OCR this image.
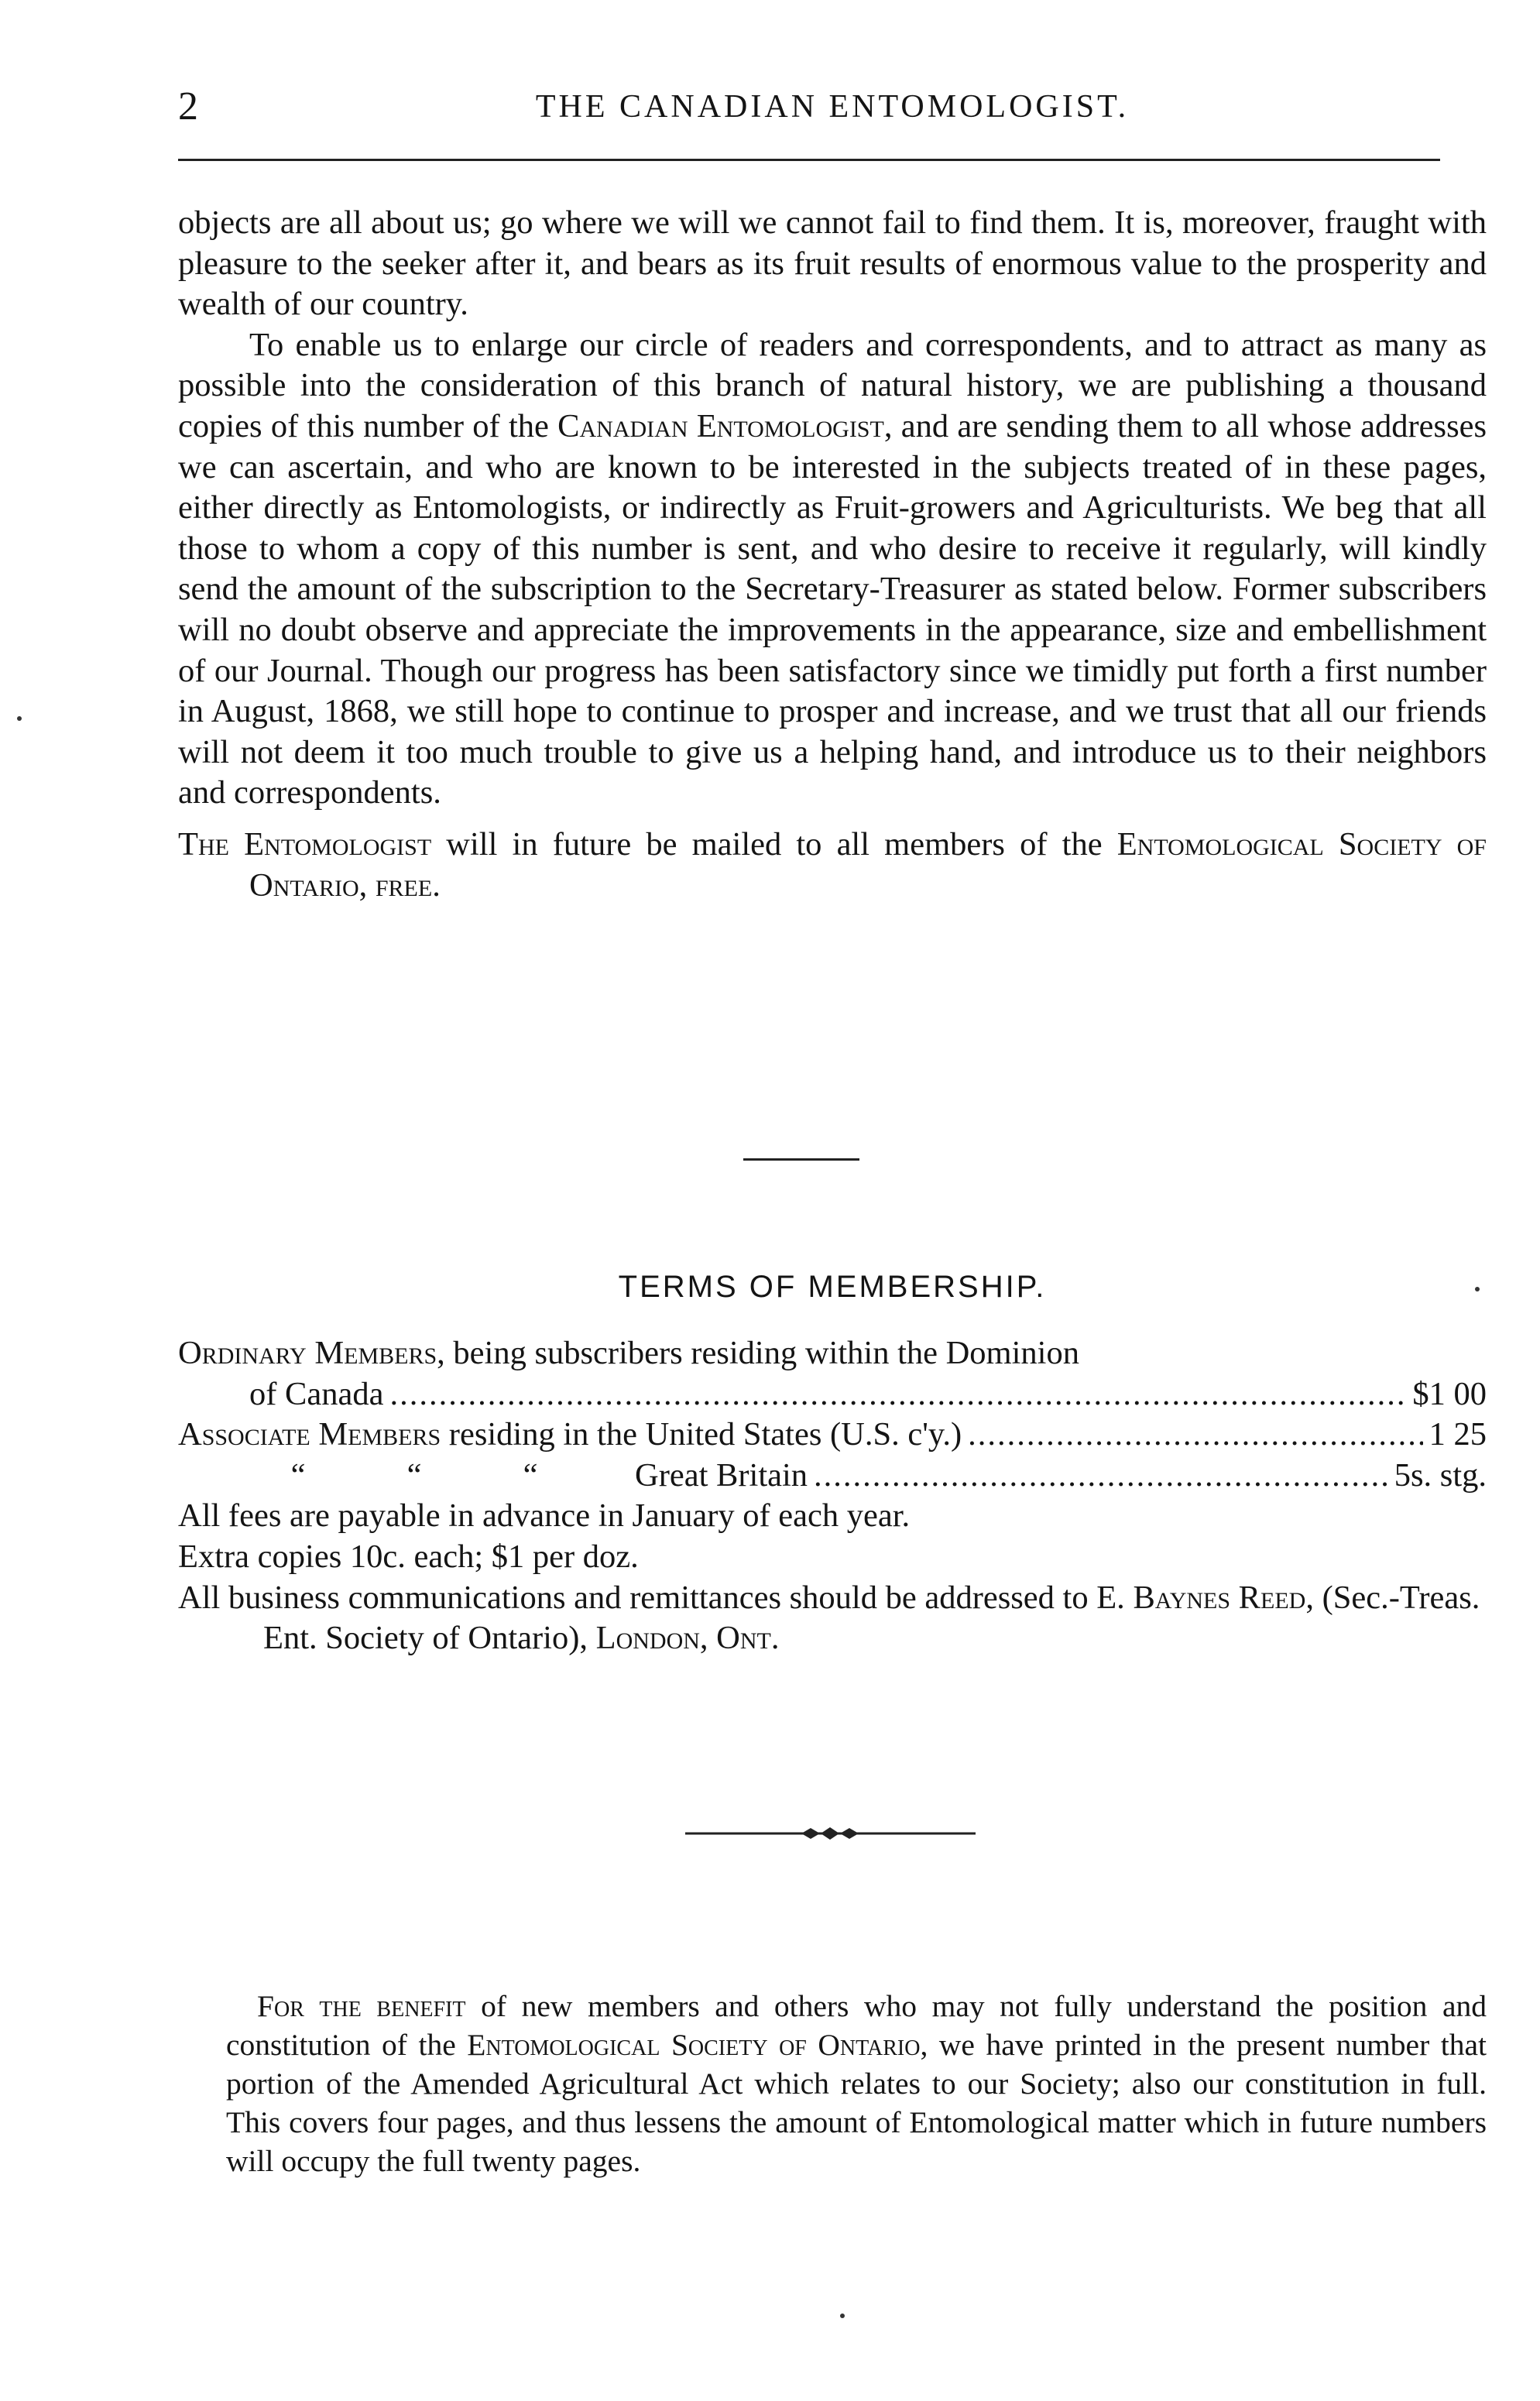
2	THE CANADIAN ENTOMOLOGIST.

objects are all about us; go where we will we cannot fail to find them. It is, moreover, fraught with pleasure to the seeker after it, and bears as its fruit results of enormous value to the prosperity and wealth of our country.

To enable us to enlarge our circle of readers and correspondents, and to attract as many as possible into the consideration of this branch of natural history, we are publishing a thousand copies of this number of the Canadian Entomologist, and are sending them to all whose addresses we can ascertain, and who are known to be interested in the subjects treated of in these pages, either directly as Entomologists, or indirectly as Fruit-growers and Agriculturists. We beg that all those to whom a copy of this number is sent, and who desire to receive it regularly, will kindly send the amount of the subscription to the Secretary-Treasurer as stated below. Former subscribers will no doubt observe and appreciate the improvements in the appearance, size and embellishment of our Journal. Though our progress has been satisfactory since we timidly put forth a first number in August, 1868, we still hope to continue to prosper and increase, and we trust that all our friends will not deem it too much trouble to give us a helping hand, and introduce us to their neighbors and correspondents.

The Entomologist will in future be mailed to all members of the Entomological Society of Ontario, free.

TERMS OF MEMBERSHIP.
Ordinary Members, being subscribers residing within the Dominion
of Canada .....	$1 00
Associate Members residing in the United States (U.S. c'y.) .....	1 25
“	“	“	Great Britain .....	5s. stg.
All fees are payable in advance in January of each year.
Extra copies 10c. each; $1 per doz.
All business communications and remittances should be addressed to E. Baynes Reed, (Sec.-Treas. Ent. Society of Ontario), London, Ont.

For the benefit of new members and others who may not fully understand the position and constitution of the Entomological Society of Ontario, we have printed in the present number that portion of the Amended Agricultural Act which relates to our Society; also our constitution in full. This covers four pages, and thus lessens the amount of Entomological matter which in future numbers will occupy the full twenty pages.
